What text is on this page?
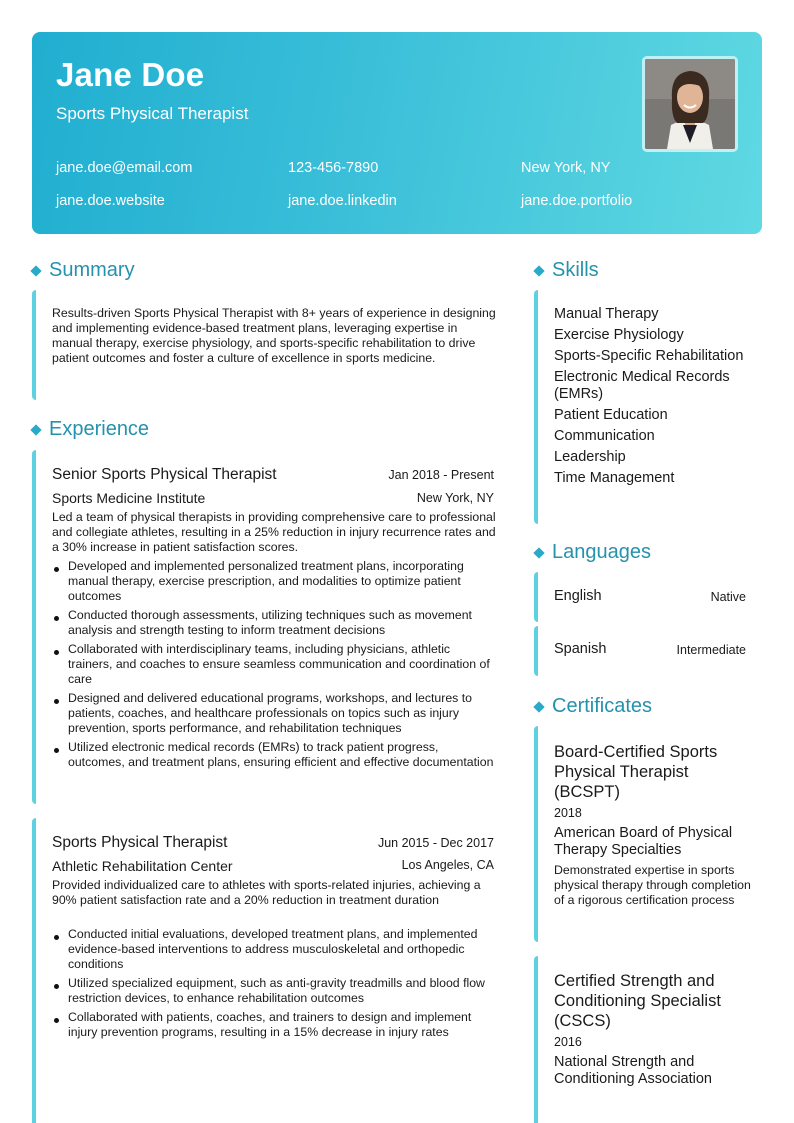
Jane Doe
Sports Physical Therapist
jane.doe@email.com	123-456-7890	New York, NY
jane.doe.website	jane.doe.linkedin	jane.doe.portfolio
Summary
Results-driven Sports Physical Therapist with 8+ years of experience in designing and implementing evidence-based treatment plans, leveraging expertise in manual therapy, exercise physiology, and sports-specific rehabilitation to drive patient outcomes and foster a culture of excellence in sports medicine.
Experience
Senior Sports Physical Therapist	Jan 2018 - Present
Sports Medicine Institute	New York, NY
Led a team of physical therapists in providing comprehensive care to professional and collegiate athletes, resulting in a 25% reduction in injury recurrence rates and a 30% increase in patient satisfaction scores.
Developed and implemented personalized treatment plans, incorporating manual therapy, exercise prescription, and modalities to optimize patient outcomes
Conducted thorough assessments, utilizing techniques such as movement analysis and strength testing to inform treatment decisions
Collaborated with interdisciplinary teams, including physicians, athletic trainers, and coaches to ensure seamless communication and coordination of care
Designed and delivered educational programs, workshops, and lectures to patients, coaches, and healthcare professionals on topics such as injury prevention, sports performance, and rehabilitation techniques
Utilized electronic medical records (EMRs) to track patient progress, outcomes, and treatment plans, ensuring efficient and effective documentation
Sports Physical Therapist	Jun 2015 - Dec 2017
Athletic Rehabilitation Center	Los Angeles, CA
Provided individualized care to athletes with sports-related injuries, achieving a 90% patient satisfaction rate and a 20% reduction in treatment duration
Conducted initial evaluations, developed treatment plans, and implemented evidence-based interventions to address musculoskeletal and orthopedic conditions
Utilized specialized equipment, such as anti-gravity treadmills and blood flow restriction devices, to enhance rehabilitation outcomes
Collaborated with patients, coaches, and trainers to design and implement injury prevention programs, resulting in a 15% decrease in injury rates
Skills
Manual Therapy
Exercise Physiology
Sports-Specific Rehabilitation
Electronic Medical Records (EMRs)
Patient Education
Communication
Leadership
Time Management
Languages
English	Native
Spanish	Intermediate
Certificates
Board-Certified Sports Physical Therapist (BCSPT)
2018
American Board of Physical Therapy Specialties
Demonstrated expertise in sports physical therapy through completion of a rigorous certification process
Certified Strength and Conditioning Specialist (CSCS)
2016
National Strength and Conditioning Association
